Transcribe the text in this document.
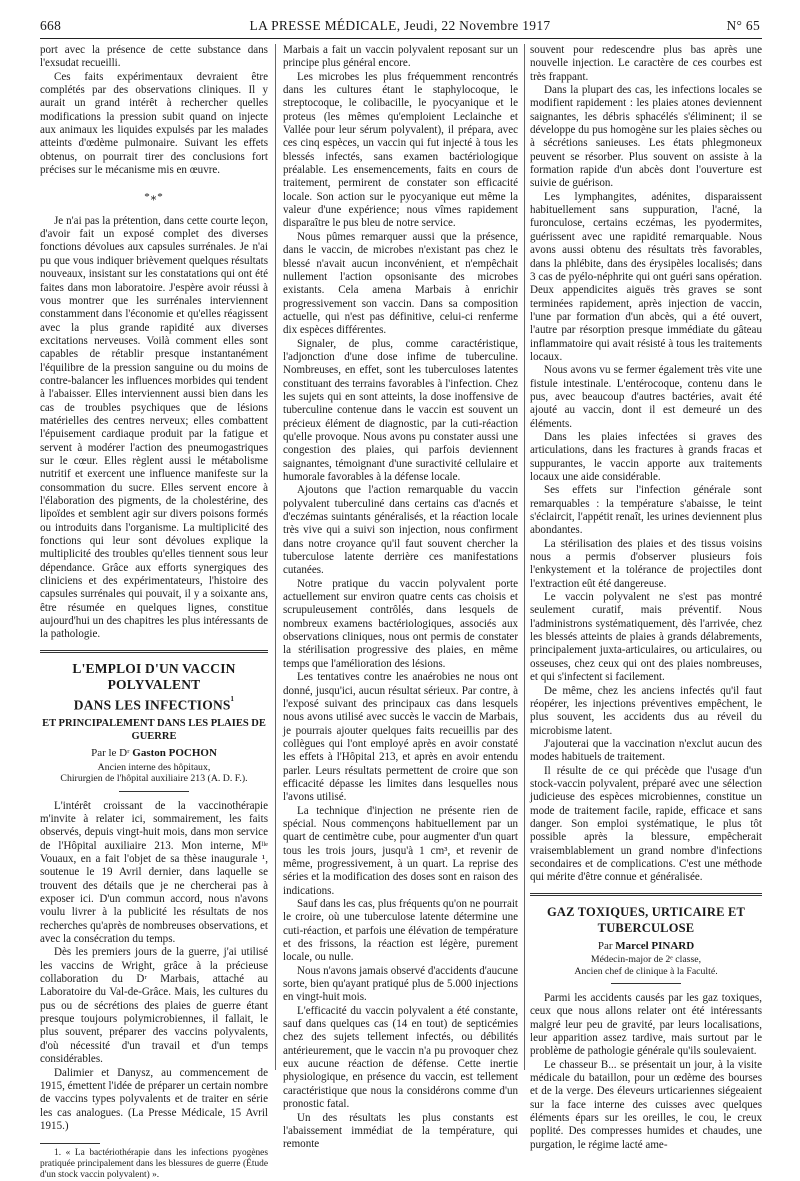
668	LA PRESSE MÉDICALE, Jeudi, 22 Novembre 1917	N° 65

port avec la présence de cette substance dans l'exsudat recueilli.

Ces faits expérimentaux devraient être complétés par des observations cliniques. Il y aurait un grand intérêt à rechercher quelles modifications la pression subit quand on injecte aux animaux les liquides expulsés par les malades atteints d'œdème pulmonaire. Suivant les effets obtenus, on pourrait tirer des conclusions fort précises sur le mécanisme mis en œuvre.

*⁎*

Je n'ai pas la prétention, dans cette courte leçon, d'avoir fait un exposé complet des diverses fonctions dévolues aux capsules surrénales. Je n'ai pu que vous indiquer brièvement quelques résultats nouveaux, insistant sur les constatations qui ont été faites dans mon laboratoire. J'espère avoir réussi à vous montrer que les surrénales interviennent constamment dans l'économie et qu'elles réagissent avec la plus grande rapidité aux diverses excitations nerveuses. Voilà comment elles sont capables de rétablir presque instantanément l'équilibre de la pression sanguine ou du moins de contre-balancer les influences morbides qui tendent à l'abaisser. Elles interviennent aussi bien dans les cas de troubles psychiques que de lésions matérielles des centres nerveux; elles combattent l'épuisement cardiaque produit par la fatigue et servent à modérer l'action des pneumogastriques sur le cœur. Elles règlent aussi le métabolisme nutritif et exercent une influence manifeste sur la consommation du sucre. Elles servent encore à l'élaboration des pigments, de la cholestérine, des lipoïdes et semblent agir sur divers poisons formés ou introduits dans l'organisme. La multiplicité des fonctions qui leur sont dévolues explique la multiplicité des troubles qu'elles tiennent sous leur dépendance. Grâce aux efforts synergiques des cliniciens et des expérimentateurs, l'histoire des capsules surrénales qui pouvait, il y a soixante ans, être résumée en quelques lignes, constitue aujourd'hui un des chapitres les plus intéressants de la pathologie.

L'EMPLOI D'UN VACCIN POLYVALENT
DANS LES $INFECTIONS^{^1}$
ET PRINCIPALEMENT DANS LES PLAIES DE GUERRE
Par le Dʳ Gaston POCHON
Ancien interne des hôpitaux,
Chirurgien de l'hôpital auxiliaire 213 (A. D. F.).

L'intérêt croissant de la vaccinothérapie m'invite à relater ici, sommairement, les faits observés, depuis vingt-huit mois, dans mon service de l'Hôpital auxiliaire 213. Mon interne, Mˡˡᵉ Vouaux, en a fait l'objet de sa thèse inaugurale ¹, soutenue le 19 Avril dernier, dans laquelle se trouvent des détails que je ne chercherai pas à exposer ici. D'un commun accord, nous n'avons voulu livrer à la publicité les résultats de nos recherches qu'après de nombreuses observations, et avec la consécration du temps.

Dès les premiers jours de la guerre, j'ai utilisé les vaccins de Wright, grâce à la précieuse collaboration du Dʳ Marbais, attaché au Laboratoire du Val-de-Grâce. Mais, les cultures du pus ou de sécrétions des plaies de guerre étant presque toujours polymicrobiennes, il fallait, le plus souvent, préparer des vaccins polyvalents, d'où nécessité d'un travail et d'un temps considérables.

Dalimier et Danysz, au commencement de 1915, émettent l'idée de préparer un certain nombre de vaccins types polyvalents et de traiter en série les cas analogues. (La Presse Médicale, 15 Avril 1915.)

1. « La bactériothérapie dans les infections pyogènes pratiquée principalement dans les blessures de guerre (Étude d'un stock vaccin polyvalent) ».

Marbais a fait un vaccin polyvalent reposant sur un principe plus général encore.

Les microbes les plus fréquemment rencontrés dans les cultures étant le staphylocoque, le streptocoque, le colibacille, le pyocyanique et le proteus (les mêmes qu'emploient Leclainche et Vallée pour leur sérum polyvalent), il prépara, avec ces cinq espèces, un vaccin qui fut injecté à tous les blessés infectés, sans examen bactériologique préalable. Les ensemencements, faits en cours de traitement, permirent de constater son efficacité locale. Son action sur le pyocyanique eut même la valeur d'une expérience; nous vîmes rapidement disparaître le pus bleu de notre service.

Nous pûmes remarquer aussi que la présence, dans le vaccin, de microbes n'existant pas chez le blessé n'avait aucun inconvénient, et n'empêchait nullement l'action opsonisante des microbes existants. Cela amena Marbais à enrichir progressivement son vaccin. Dans sa composition actuelle, qui n'est pas définitive, celui-ci renferme dix espèces différentes.

Signaler, de plus, comme caractéristique, l'adjonction d'une dose infime de tuberculine. Nombreuses, en effet, sont les tuberculoses latentes constituant des terrains favorables à l'infection. Chez les sujets qui en sont atteints, la dose inoffensive de tuberculine contenue dans le vaccin est souvent un précieux élément de diagnostic, par la cuti-réaction qu'elle provoque. Nous avons pu constater aussi une congestion des plaies, qui parfois deviennent saignantes, témoignant d'une suractivité cellulaire et humorale favorables à la défense locale.

Ajoutons que l'action remarquable du vaccin polyvalent tuberculiné dans certains cas d'acnés et d'eczémas suintants généralisés, et la réaction locale très vive qui a suivi son injection, nous confirment dans notre croyance qu'il faut souvent chercher la tuberculose latente derrière ces manifestations cutanées.

Notre pratique du vaccin polyvalent porte actuellement sur environ quatre cents cas choisis et scrupuleusement contrôlés, dans lesquels de nombreux examens bactériologiques, associés aux observations cliniques, nous ont permis de constater la stérilisation progressive des plaies, en même temps que l'amélioration des lésions.

Les tentatives contre les anaérobies ne nous ont donné, jusqu'ici, aucun résultat sérieux. Par contre, à l'exposé suivant des principaux cas dans lesquels nous avons utilisé avec succès le vaccin de Marbais, je pourrais ajouter quelques faits recueillis par des collègues qui l'ont employé après en avoir constaté les effets à l'Hôpital 213, et après en avoir entendu parler. Leurs résultats permettent de croire que son efficacité dépasse les limites dans lesquelles nous l'avons utilisé.

La technique d'injection ne présente rien de spécial. Nous commençons habituellement par un quart de centimètre cube, pour augmenter d'un quart tous les trois jours, jusqu'à 1 cm³, et revenir de même, progressivement, à un quart. La reprise des séries et la modification des doses sont en raison des indications.

Sauf dans les cas, plus fréquents qu'on ne pourrait le croire, où une tuberculose latente détermine une cuti-réaction, et parfois une élévation de température et des frissons, la réaction est légère, purement locale, ou nulle.

Nous n'avons jamais observé d'accidents d'aucune sorte, bien qu'ayant pratiqué plus de 5.000 injections en vingt-huit mois.

L'efficacité du vaccin polyvalent a été constante, sauf dans quelques cas (14 en tout) de septicémies chez des sujets tellement infectés, ou débilités antérieurement, que le vaccin n'a pu provoquer chez eux aucune réaction de défense. Cette inertie physiologique, en présence du vaccin, est tellement caractéristique que nous la considérons comme d'un pronostic fatal.

Un des résultats les plus constants est l'abaissement immédiat de la température, qui remonte

souvent pour redescendre plus bas après une nouvelle injection. Le caractère de ces courbes est très frappant.

Dans la plupart des cas, les infections locales se modifient rapidement : les plaies atones deviennent saignantes, les débris sphacélés s'éliminent; il se développe du pus homogène sur les plaies sèches ou à sécrétions sanieuses. Les états phlegmoneux peuvent se résorber. Plus souvent on assiste à la formation rapide d'un abcès dont l'ouverture est suivie de guérison.

Les lymphangites, adénites, disparaissent habituellement sans suppuration, l'acné, la furonculose, certains eczémas, les pyodermites, guérissent avec une rapidité remarquable. Nous avons aussi obtenu des résultats très favorables, dans la phlébite, dans des érysipèles localisés; dans 3 cas de pyélo-néphrite qui ont guéri sans opération. Deux appendicites aiguës très graves se sont terminées rapidement, après injection de vaccin, l'une par formation d'un abcès, qui a été ouvert, l'autre par résorption presque immédiate du gâteau inflammatoire qui avait résisté à tous les traitements locaux.

Nous avons vu se fermer également très vite une fistule intestinale. L'entérocoque, contenu dans le pus, avec beaucoup d'autres bactéries, avait été ajouté au vaccin, dont il est demeuré un des éléments.

Dans les plaies infectées si graves des articulations, dans les fractures à grands fracas et suppurantes, le vaccin apporte aux traitements locaux une aide considérable.

Ses effets sur l'infection générale sont remarquables : la température s'abaisse, le teint s'éclaircit, l'appétit renaît, les urines deviennent plus abondantes.

La stérilisation des plaies et des tissus voisins nous a permis d'observer plusieurs fois l'enkystement et la tolérance de projectiles dont l'extraction eût été dangereuse.

Le vaccin polyvalent ne s'est pas montré seulement curatif, mais préventif. Nous l'administrons systématiquement, dès l'arrivée, chez les blessés atteints de plaies à grands délabrements, principalement juxta-articulaires, ou articulaires, ou osseuses, chez ceux qui ont des plaies nombreuses, et qui s'infectent si facilement.

De même, chez les anciens infectés qu'il faut réopérer, les injections préventives empêchent, le plus souvent, les accidents dus au réveil du microbisme latent.

J'ajouterai que la vaccination n'exclut aucun des modes habituels de traitement.

Il résulte de ce qui précède que l'usage d'un stock-vaccin polyvalent, préparé avec une sélection judicieuse des espèces microbiennes, constitue un mode de traitement facile, rapide, efficace et sans danger. Son emploi systématique, le plus tôt possible après la blessure, empêcherait vraisemblablement un grand nombre d'infections secondaires et de complications. C'est une méthode qui mérite d'être connue et généralisée.

GAZ TOXIQUES, URTICAIRE ET TUBERCULOSE
Par Marcel PINARD
Médecin-major de 2ᵉ classe,
Ancien chef de clinique à la Faculté.

Parmi les accidents causés par les gaz toxiques, ceux que nous allons relater ont été intéressants malgré leur peu de gravité, par leurs localisations, leur apparition assez tardive, mais surtout par le problème de pathologie générale qu'ils soulevaient.

Le chasseur B... se présentait un jour, à la visite médicale du bataillon, pour un œdème des bourses et de la verge. Des éleveurs urticariennes siégeaient sur la face interne des cuisses avec quelques éléments épars sur les oreilles, le cou, le creux poplité. Des compresses humides et chaudes, une purgation, le régime lacté ame-
